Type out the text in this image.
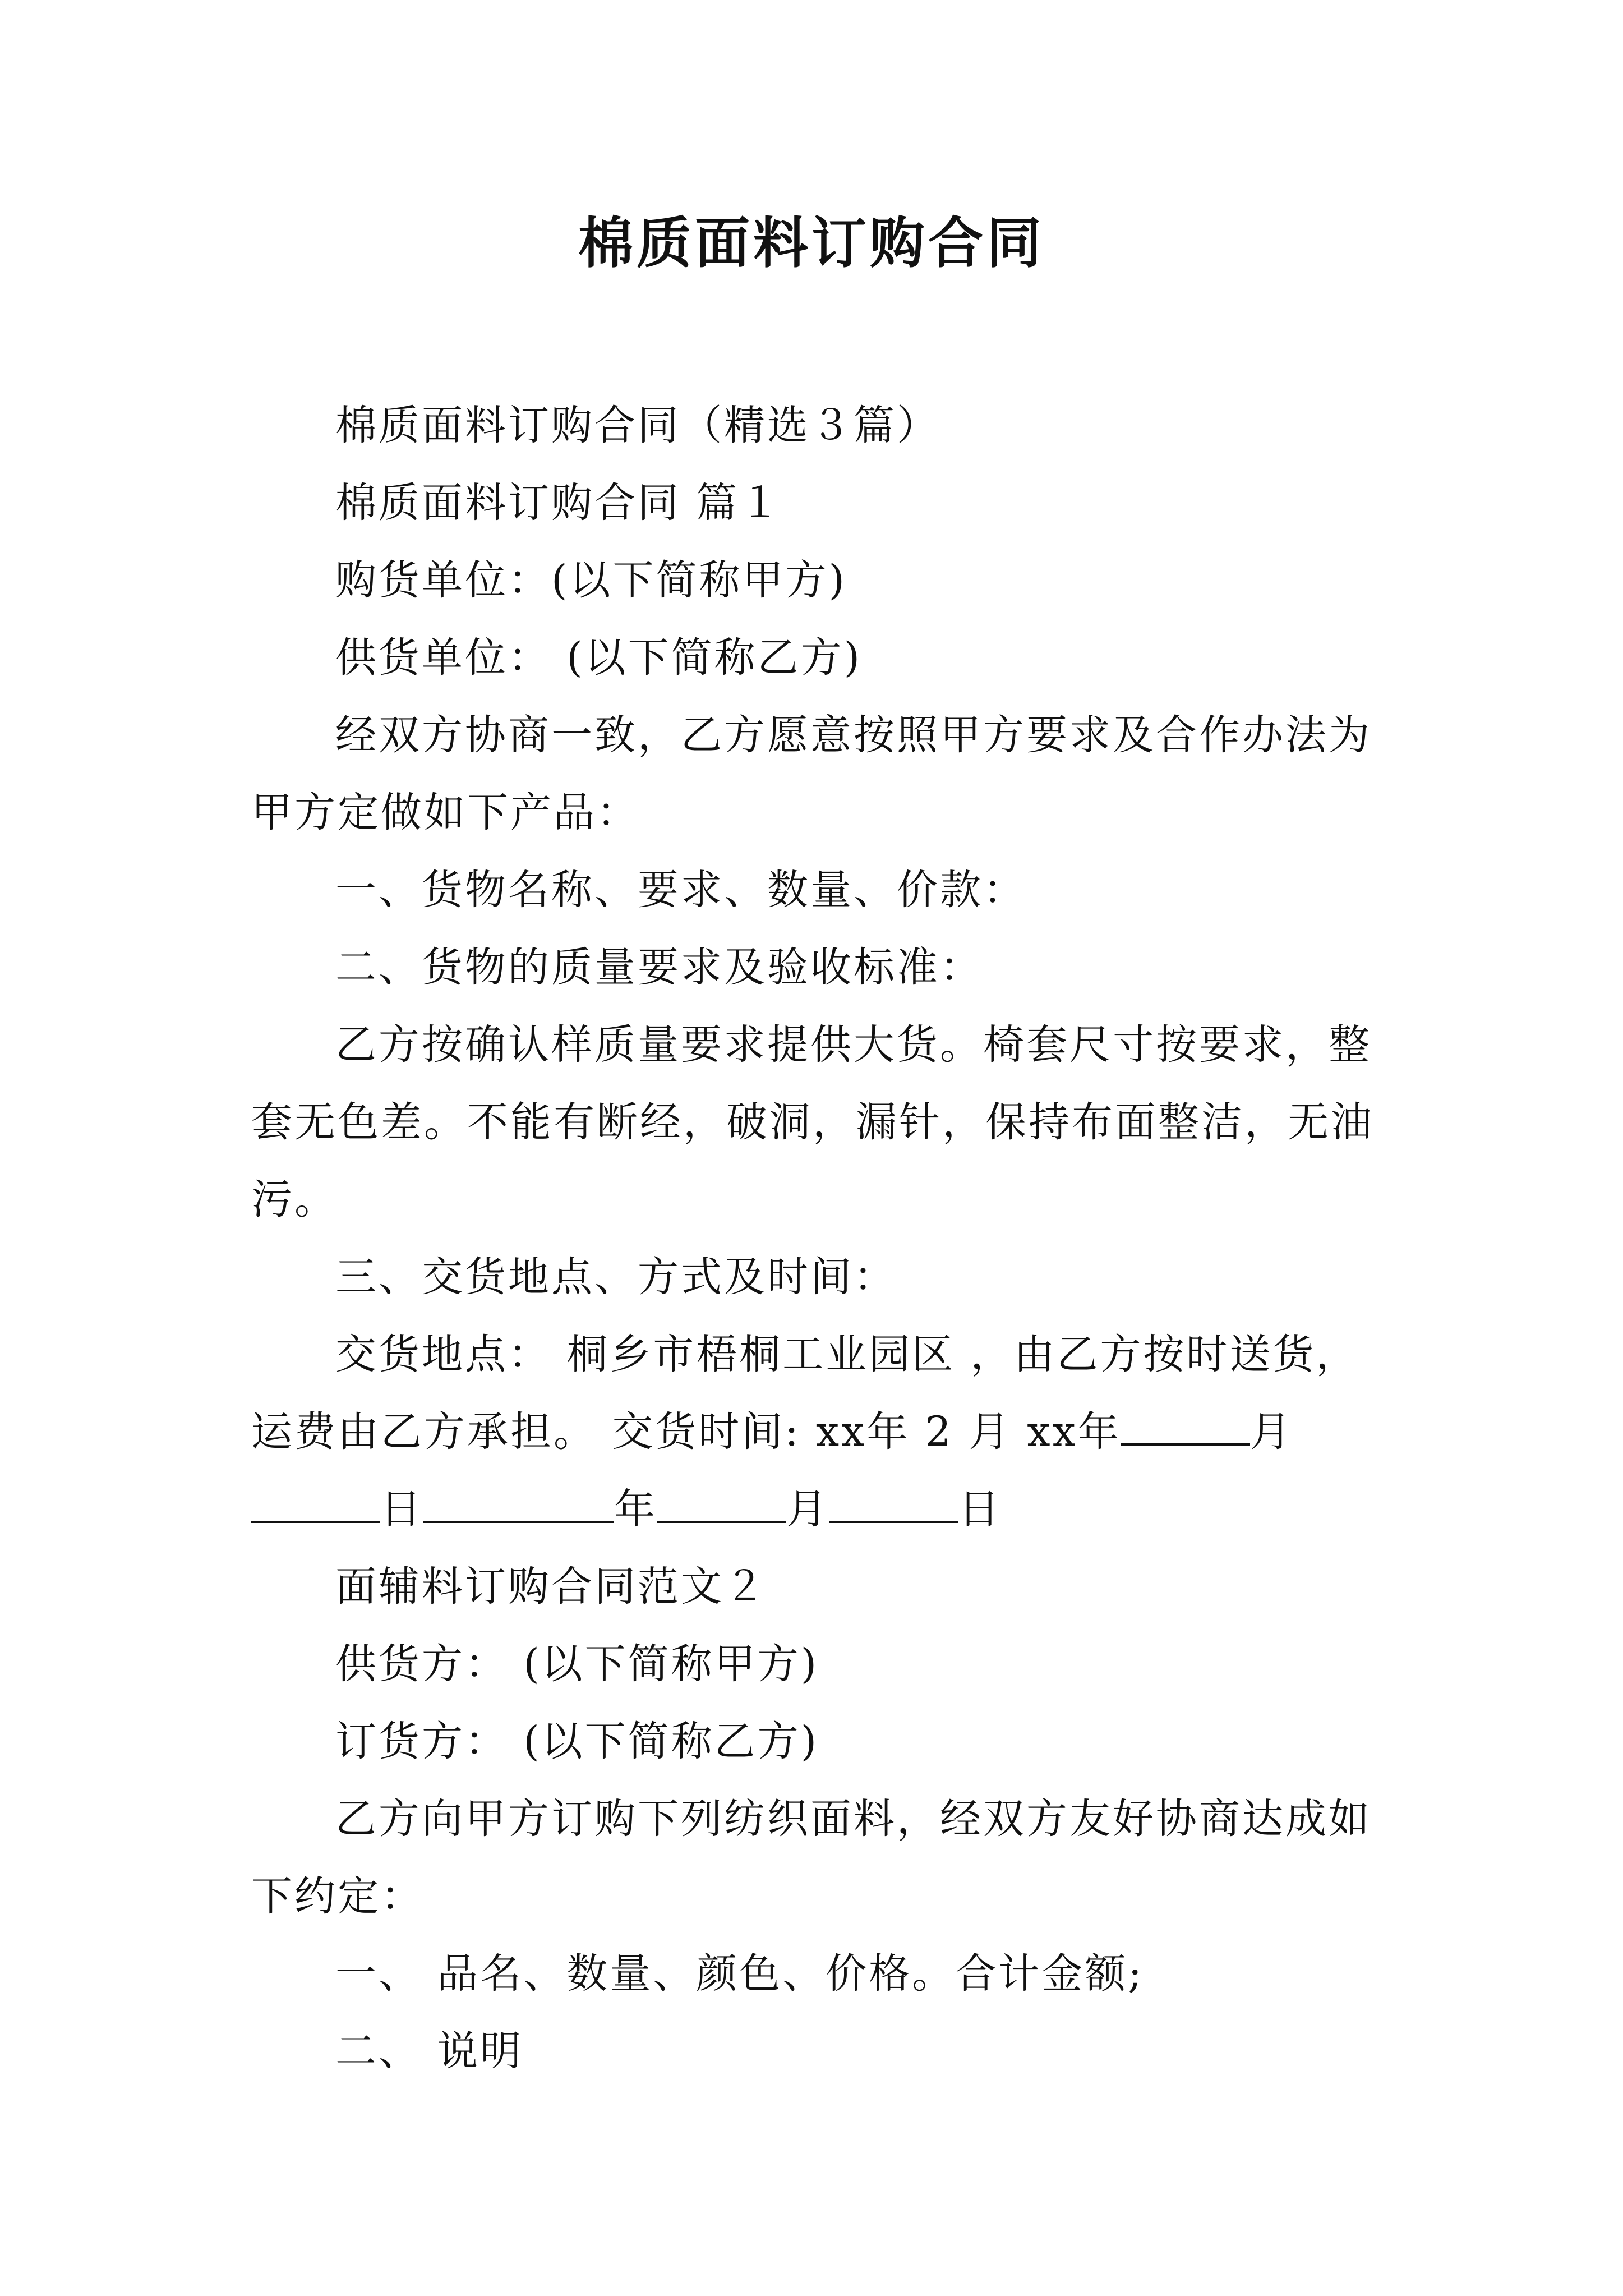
棉质面料订购合同

棉质面料订购合同（精选３篇）

棉质面料订购合同 篇１

购货单位：(以下简称甲方)

供货单位： (以下简称乙方)

经双方协商一致，乙方愿意按照甲方要求及合作办法为甲方定做如下产品：

一、货物名称、要求、数量、价款：

二、货物的质量要求及验收标准：

乙方按确认样质量要求提供大货。椅套尺寸按要求，整套无色差。不能有断经，破洞，漏针，保持布面整洁，无油污。

三、交货地点、方式及时间：

交货地点： 桐乡市梧桐工业园区 ，由乙方按时送货，运费由乙方承担。 交货时间: xx年 2 月 xx年	月日	年	月	日

面辅料订购合同范文２

供货方： (以下简称甲方)

订货方： (以下简称乙方)

乙方向甲方订购下列纺织面料，经双方友好协商达成如下约定：

一、 品名、数量、颜色、价格。合计金额;

二、 说明
